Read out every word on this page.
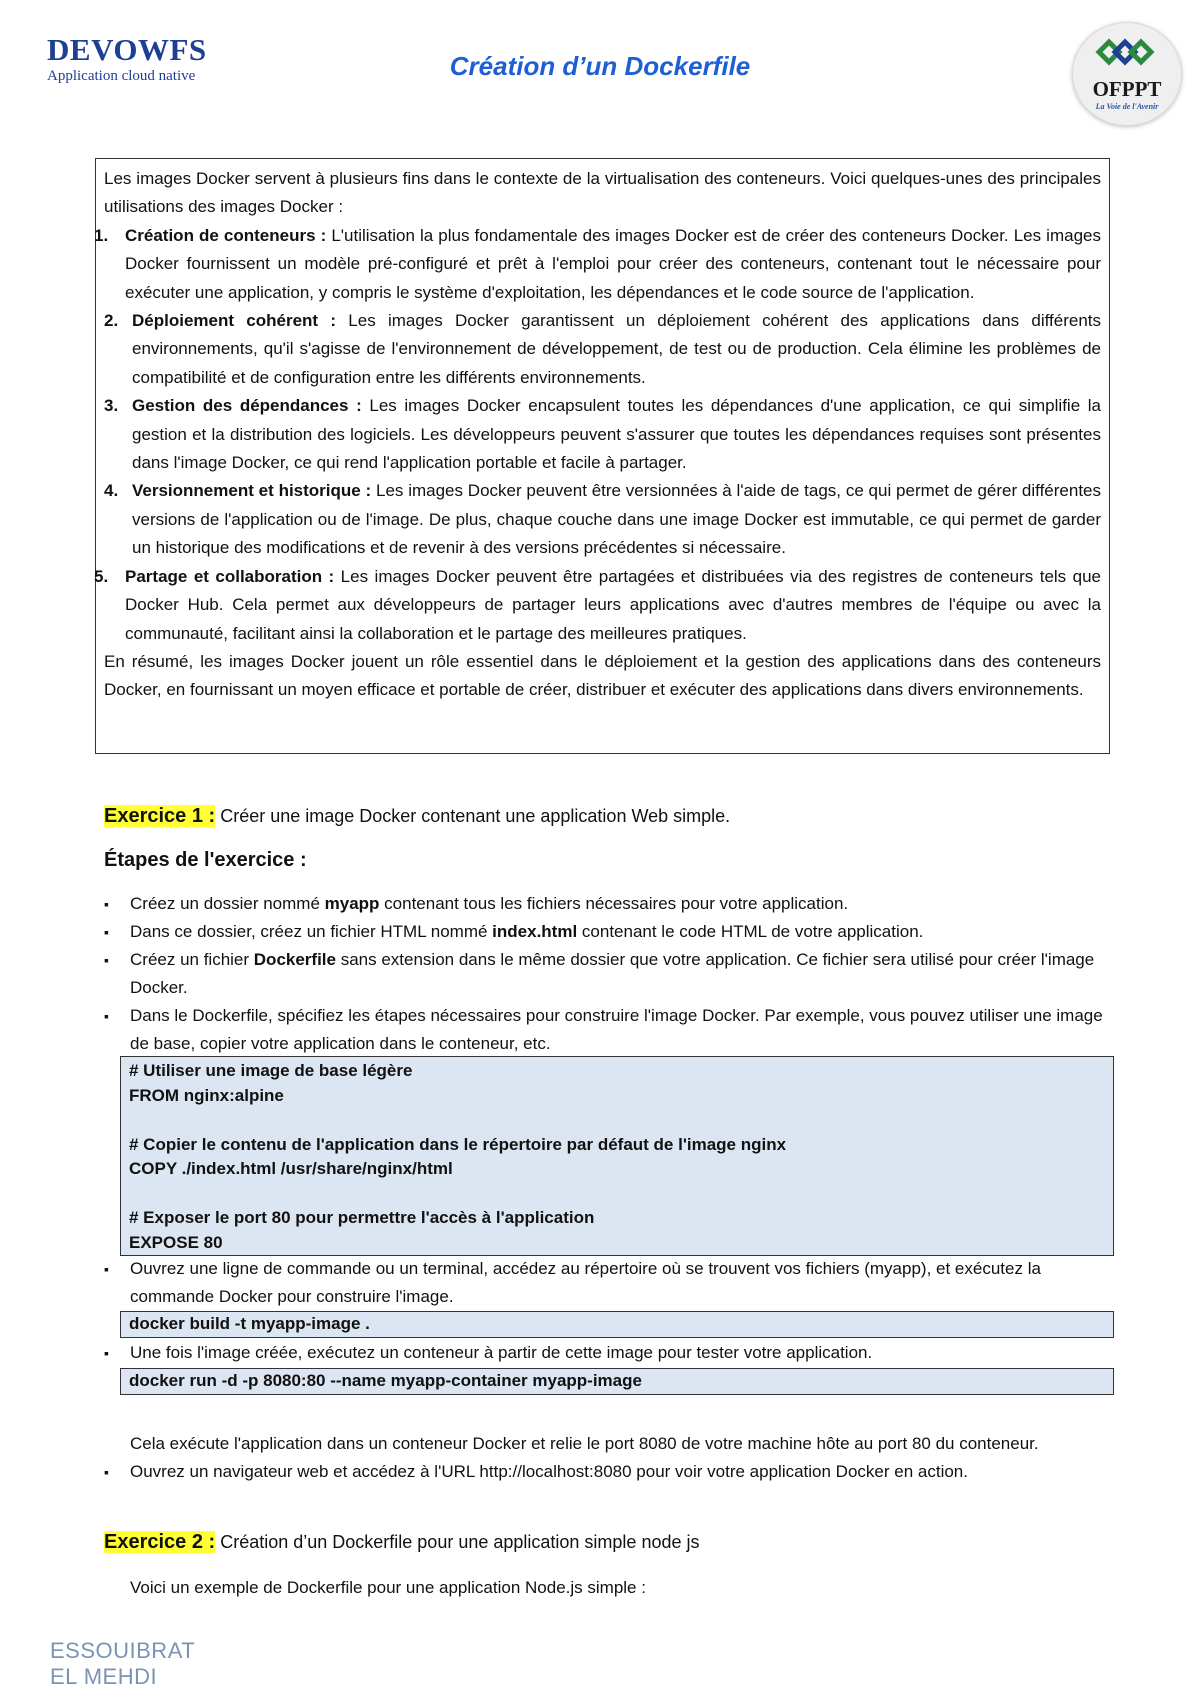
DEVOWFS
Application cloud native	Création d’un Dockerfile
OFPPT
La Voie de l'Avenir

Les images Docker servent à plusieurs fins dans le contexte de la virtualisation des conteneurs. Voici quelques-unes des principales utilisations des images Docker :

1. Création de conteneurs : L'utilisation la plus fondamentale des images Docker est de créer des conteneurs Docker. Les images Docker fournissent un modèle pré-configuré et prêt à l'emploi pour créer des conteneurs, contenant tout le nécessaire pour exécuter une application, y compris le système d'exploitation, les dépendances et le code source de l'application.
2. Déploiement cohérent : Les images Docker garantissent un déploiement cohérent des applications dans différents environnements, qu'il s'agisse de l'environnement de développement, de test ou de production. Cela élimine les problèmes de compatibilité et de configuration entre les différents environnements.
3. Gestion des dépendances : Les images Docker encapsulent toutes les dépendances d'une application, ce qui simplifie la gestion et la distribution des logiciels. Les développeurs peuvent s'assurer que toutes les dépendances requises sont présentes dans l'image Docker, ce qui rend l'application portable et facile à partager.
4. Versionnement et historique : Les images Docker peuvent être versionnées à l'aide de tags, ce qui permet de gérer différentes versions de l'application ou de l'image. De plus, chaque couche dans une image Docker est immutable, ce qui permet de garder un historique des modifications et de revenir à des versions précédentes si nécessaire.
5. Partage et collaboration : Les images Docker peuvent être partagées et distribuées via des registres de conteneurs tels que Docker Hub. Cela permet aux développeurs de partager leurs applications avec d'autres membres de l'équipe ou avec la communauté, facilitant ainsi la collaboration et le partage des meilleures pratiques.

En résumé, les images Docker jouent un rôle essentiel dans le déploiement et la gestion des applications dans des conteneurs Docker, en fournissant un moyen efficace et portable de créer, distribuer et exécuter des applications dans divers environnements.

Exercice 1 : Créer une image Docker contenant une application Web simple.
Étapes de l'exercice :
▪ Créez un dossier nommé myapp contenant tous les fichiers nécessaires pour votre application.
▪ Dans ce dossier, créez un fichier HTML nommé index.html contenant le code HTML de votre application.
▪ Créez un fichier Dockerfile sans extension dans le même dossier que votre application. Ce fichier sera utilisé pour créer l'image Docker.
▪ Dans le Dockerfile, spécifiez les étapes nécessaires pour construire l'image Docker. Par exemple, vous pouvez utiliser une image de base, copier votre application dans le conteneur, etc.
# Utiliser une image de base légère
FROM nginx:alpine
# Copier le contenu de l'application dans le répertoire par défaut de l'image nginx
COPY ./index.html /usr/share/nginx/html
# Exposer le port 80 pour permettre l'accès à l'application
EXPOSE 80
▪ Ouvrez une ligne de commande ou un terminal, accédez au répertoire où se trouvent vos fichiers (myapp), et exécutez la commande Docker pour construire l'image.
docker build -t myapp-image .
▪ Une fois l'image créée, exécutez un conteneur à partir de cette image pour tester votre application.
docker run -d -p 8080:80 --name myapp-container myapp-image
Cela exécute l'application dans un conteneur Docker et relie le port 8080 de votre machine hôte au port 80 du conteneur.
▪ Ouvrez un navigateur web et accédez à l'URL http://localhost:8080 pour voir votre application Docker en action.
Exercice 2 : Création d’un Dockerfile pour une application simple node js
Voici un exemple de Dockerfile pour une application Node.js simple :
ESSOUIBRAT
EL MEHDI
